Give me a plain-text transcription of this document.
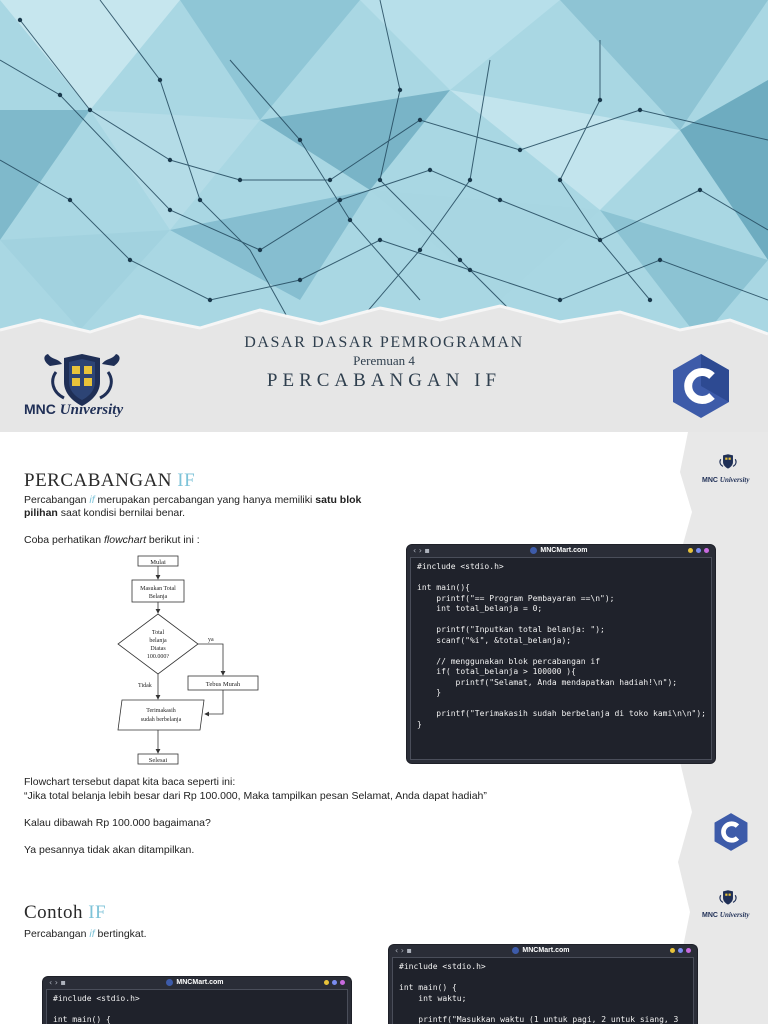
DASAR DASAR PEMROGRAMAN
Peremuan 4
PERCABANGAN IF
MNC University
MNC University
MNC University
PERCABANGAN IF
Percabangan if merupakan percabangan yang hanya memiliki satu blok pilihan saat kondisi bernilai benar.
Coba perhatikan flowchart berikut ini :
Mulai
Masukan Total
Belanja
Total
belanja
Diatas
100.000?
ya
Tidak	Tebus Murah
Terimakasih
sudah berbelanja
Selesai
‹ › ▪	MNCMart.com
#include <stdio.h>

int main(){
printf("== Program Pembayaran ==\n");
int total_belanja = 0;

printf("Inputkan total belanja: ");
scanf("%i", &total_belanja);

// menggunakan blok percabangan if
if( total_belanja > 100000 ){
printf("Selamat, Anda mendapatkan hadiah!\n");
}

printf("Terimakasih sudah berbelanja di toko kami\n\n");
}
Flowchart tersebut dapat kita baca seperti ini:
“Jika total belanja lebih besar dari Rp 100.000, Maka tampilkan pesan Selamat, Anda dapat hadiah”
Kalau dibawah Rp 100.000 bagaimana?
Ya pesannya tidak akan ditampilkan.
Contoh IF
Percabangan if bertingkat.
‹ › ▪	MNCMart.com
#include <stdio.h>

int main() {
int waktu;

printf("Masukkan waktu (1 untuk pagi, 2 untuk siang, 3
‹ › ▪	MNCMart.com
#include <stdio.h>

int main() {
